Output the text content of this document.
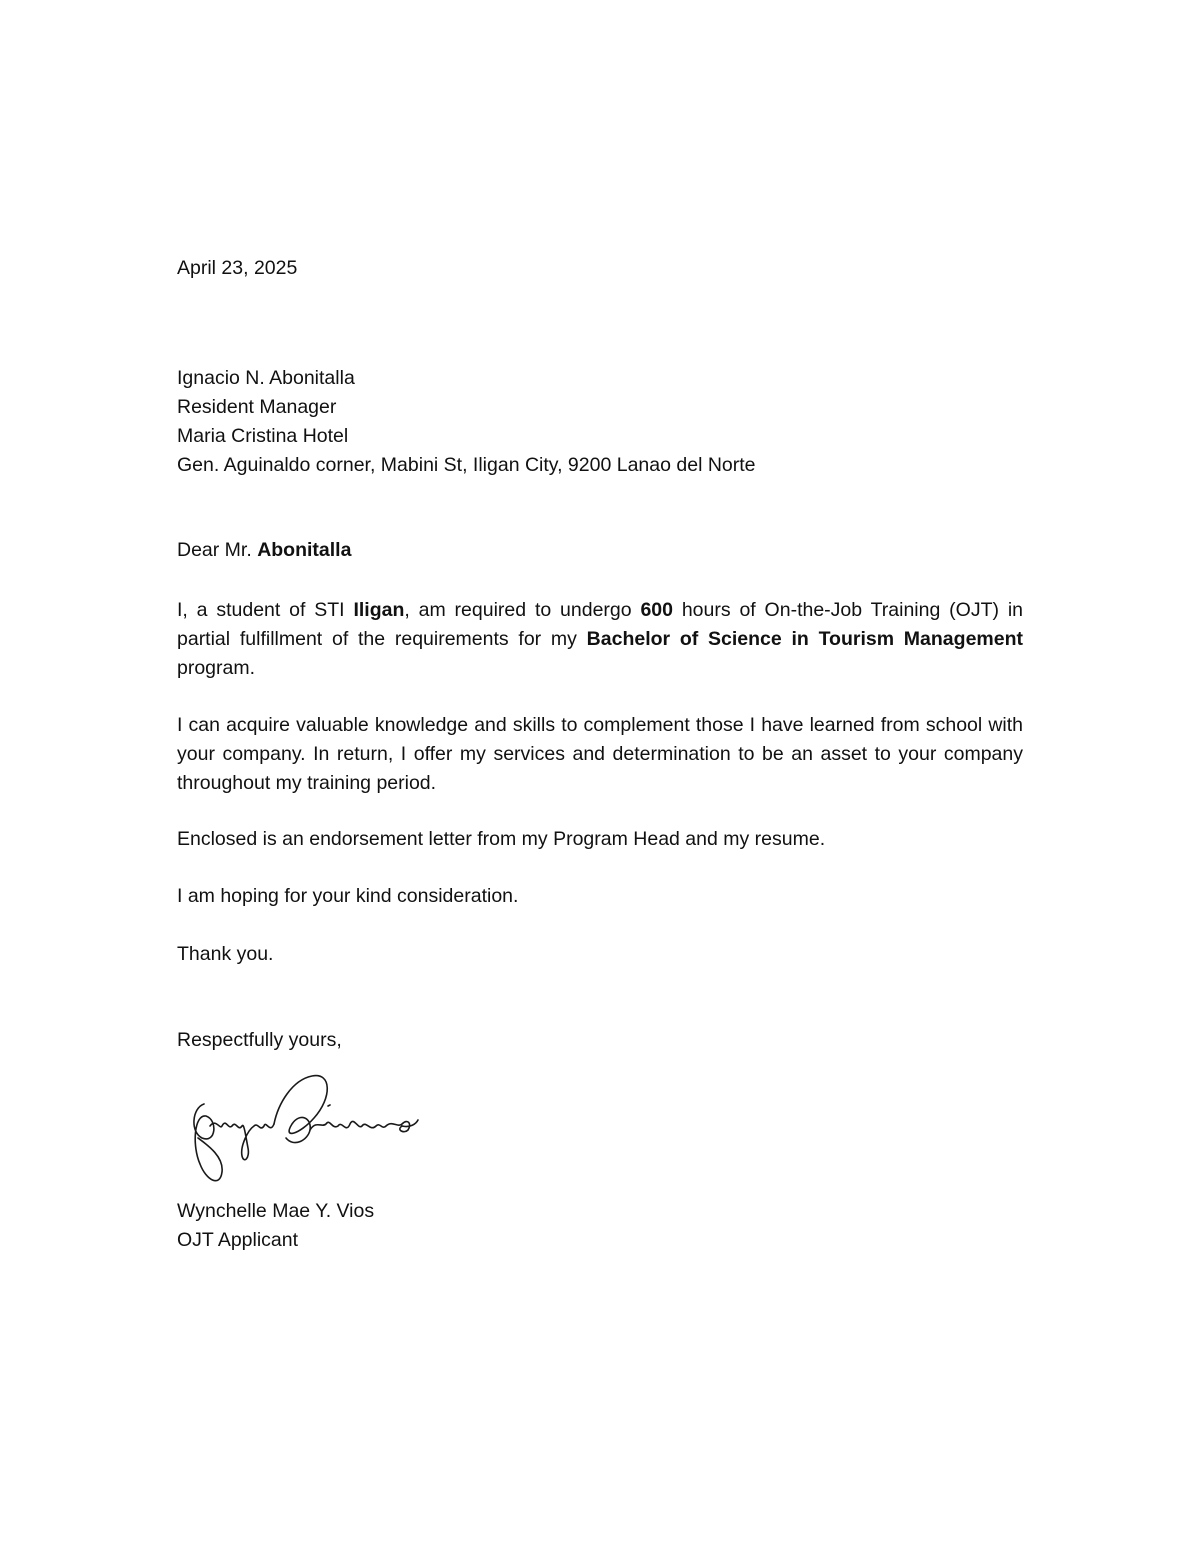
April 23, 2025
Ignacio N. Abonitalla
Resident Manager
Maria Cristina Hotel
Gen. Aguinaldo corner, Mabini St, Iligan City, 9200 Lanao del Norte
Dear Mr. Abonitalla

I, a student of STI Iligan, am required to undergo 600 hours of On-the-Job Training (OJT) in partial fulfillment of the requirements for my Bachelor of Science in Tourism Management program.

I can acquire valuable knowledge and skills to complement those I have learned from school with your company. In return, I offer my services and determination to be an asset to your company throughout my training period.

Enclosed is an endorsement letter from my Program Head and my resume.
I am hoping for your kind consideration.
Thank you.
Respectfully yours,
Wynchelle Mae Y. Vios
OJT Applicant
